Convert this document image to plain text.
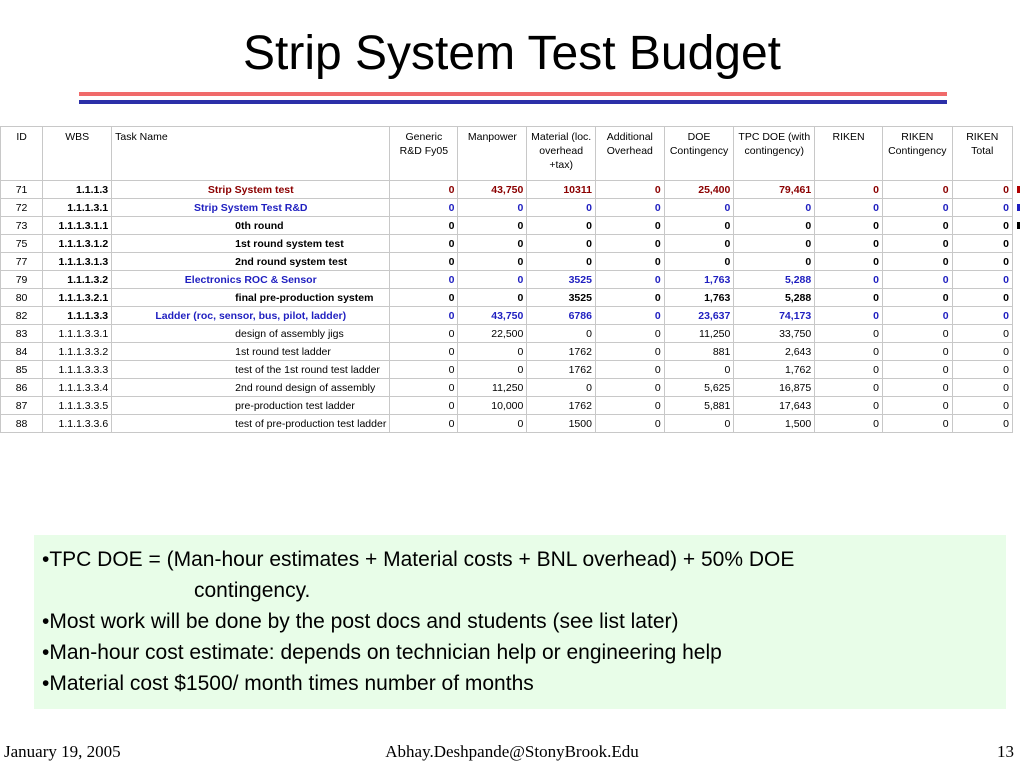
Strip System Test Budget
ID	WBS	Task Name	Generic R&D Fy05	Manpower	Material (loc. overhead +tax)	Additional Overhead	DOE Contingency	TPC DOE (with contingency)	RIKEN	RIKEN Contingency	RIKEN Total	
71	1.1.1.3	Strip System test	0	43,750	10311	0	25,400	79,461	0	0	0	

72	1.1.1.3.1	Strip System Test R&D	0	0	0	0	0	0	0	0	0	

73	1.1.1.3.1.1	0th round	0	0	0	0	0	0	0	0	0	

75	1.1.1.3.1.2	1st round system test	0	0	0	0	0	0	0	0	0	
77	1.1.1.3.1.3	2nd round system test	0	0	0	0	0	0	0	0	0	
79	1.1.1.3.2	Electronics ROC & Sensor	0	0	3525	0	1,763	5,288	0	0	0	
80	1.1.1.3.2.1	final pre-production system	0	0	3525	0	1,763	5,288	0	0	0	
82	1.1.1.3.3	Ladder (roc, sensor, bus, pilot, ladder)	0	43,750	6786	0	23,637	74,173	0	0	0	
83	1.1.1.3.3.1	design of assembly jigs	0	22,500	0	0	11,250	33,750	0	0	0	
84	1.1.1.3.3.2	1st round test ladder	0	0	1762	0	881	2,643	0	0	0	
85	1.1.1.3.3.3	test of the 1st round test ladder	0	0	1762	0	0	1,762	0	0	0	
86	1.1.1.3.3.4	2nd round design of assembly	0	11,250	0	0	5,625	16,875	0	0	0	
87	1.1.1.3.3.5	pre-production test ladder	0	10,000	1762	0	5,881	17,643	0	0	0	
88	1.1.1.3.3.6	test of pre-production test ladder	0	0	1500	0	0	1,500	0	0	0	
•TPC DOE = (Man-hour estimates + Material costs + BNL overhead) + 50% DOE
contingency.
•Most work will be done by the post docs and students (see list later)
•Man-hour cost estimate: depends on technician help or engineering help
•Material cost $1500/ month times number of months
January 19, 2005	Abhay.Deshpande@StonyBrook.Edu	13
